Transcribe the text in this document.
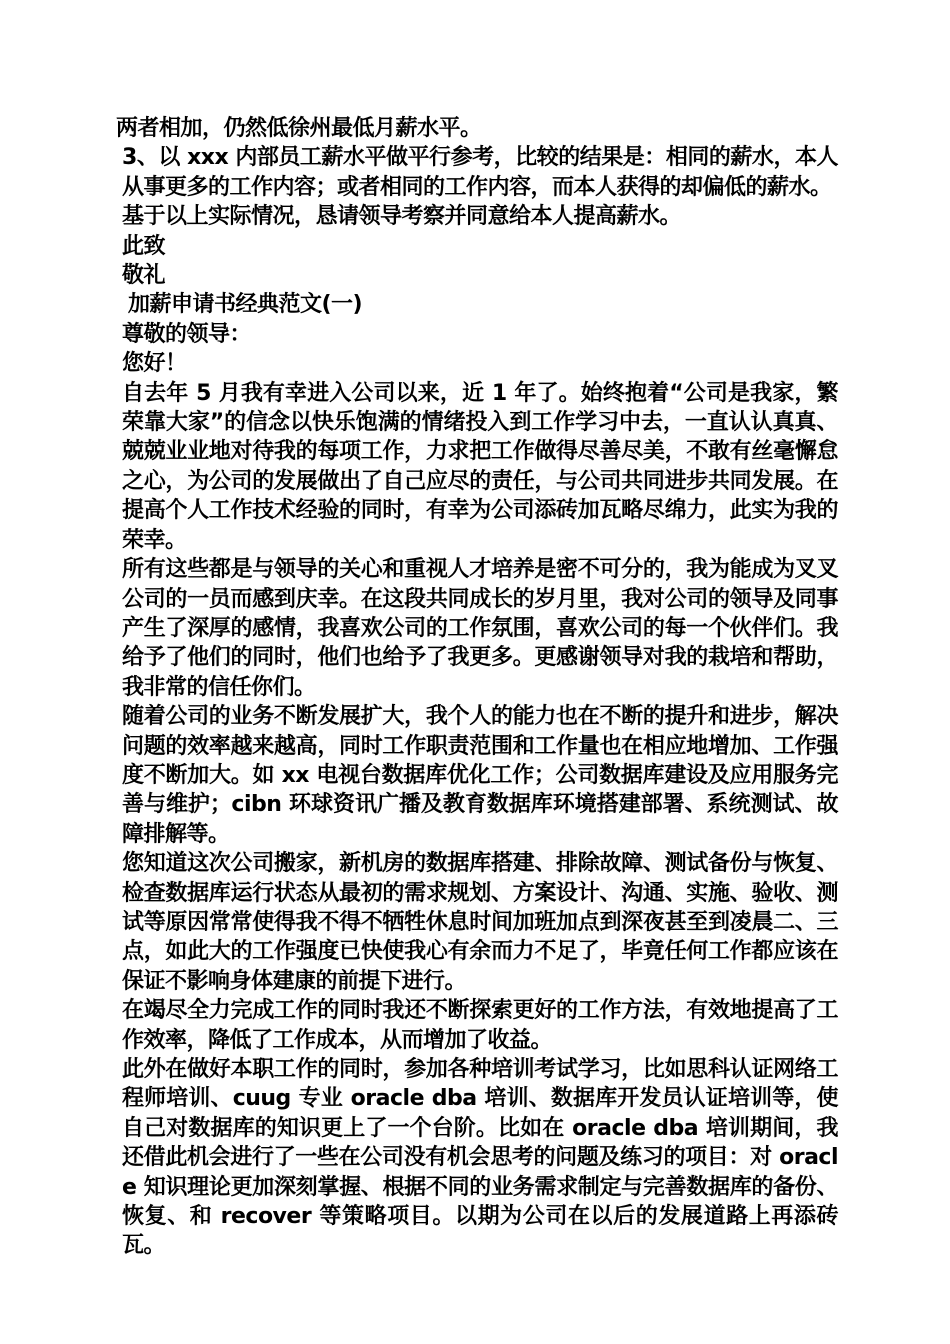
两者相加，仍然低徐州最低月薪水平。

3、以 xxx 内部员工薪水平做平行参考，比较的结果是：相同的薪水，本人从事更多的工作内容；或者相同的工作内容，而本人获得的却偏低的薪水。

基于以上实际情况，恳请领导考察并同意给本人提高薪水。

此致

敬礼

加薪申请书经典范文(一)

尊敬的领导：

您好！

自去年 5 月我有幸进入公司以来，近 1 年了。始终抱着“公司是我家，繁荣靠大家”的信念以快乐饱满的情绪投入到工作学习中去，一直认认真真、兢兢业业地对待我的每项工作，力求把工作做得尽善尽美，不敢有丝毫懈怠之心，为公司的发展做出了自己应尽的责任，与公司共同进步共同发展。在提高个人工作技术经验的同时，有幸为公司添砖加瓦略尽绵力，此实为我的荣幸。

所有这些都是与领导的关心和重视人才培养是密不可分的，我为能成为叉叉公司的一员而感到庆幸。在这段共同成长的岁月里，我对公司的领导及同事产生了深厚的感情，我喜欢公司的工作氛围，喜欢公司的每一个伙伴们。我给予了他们的同时，他们也给予了我更多。更感谢领导对我的栽培和帮助，我非常的信任你们。

随着公司的业务不断发展扩大，我个人的能力也在不断的提升和进步，解决问题的效率越来越高，同时工作职责范围和工作量也在相应地增加、工作强度不断加大。如 xx 电视台数据库优化工作；公司数据库建设及应用服务完善与维护；cibn 环球资讯广播及教育数据库环境搭建部署、系统测试、故障排解等。

您知道这次公司搬家，新机房的数据库搭建、排除故障、测试备份与恢复、检查数据库运行状态从最初的需求规划、方案设计、沟通、实施、验收、测试等原因常常使得我不得不牺牲休息时间加班加点到深夜甚至到凌晨二、三点，如此大的工作强度已快使我心有余而力不足了，毕竟任何工作都应该在保证不影响身体建康的前提下进行。

在竭尽全力完成工作的同时我还不断探索更好的工作方法，有效地提高了工作效率，降低了工作成本，从而增加了收益。

此外在做好本职工作的同时，参加各种培训考试学习，比如思科认证网络工程师培训、cuug 专业 oracle dba 培训、数据库开发员认证培训等，使自己对数据库的知识更上了一个台阶。比如在 oracle dba 培训期间，我还借此机会进行了一些在公司没有机会思考的问题及练习的项目：对 oracle 知识理论更加深刻掌握、根据不同的业务需求制定与完善数据库的备份、恢复、和 recover 等策略项目。以期为公司在以后的发展道路上再添砖瓦。
